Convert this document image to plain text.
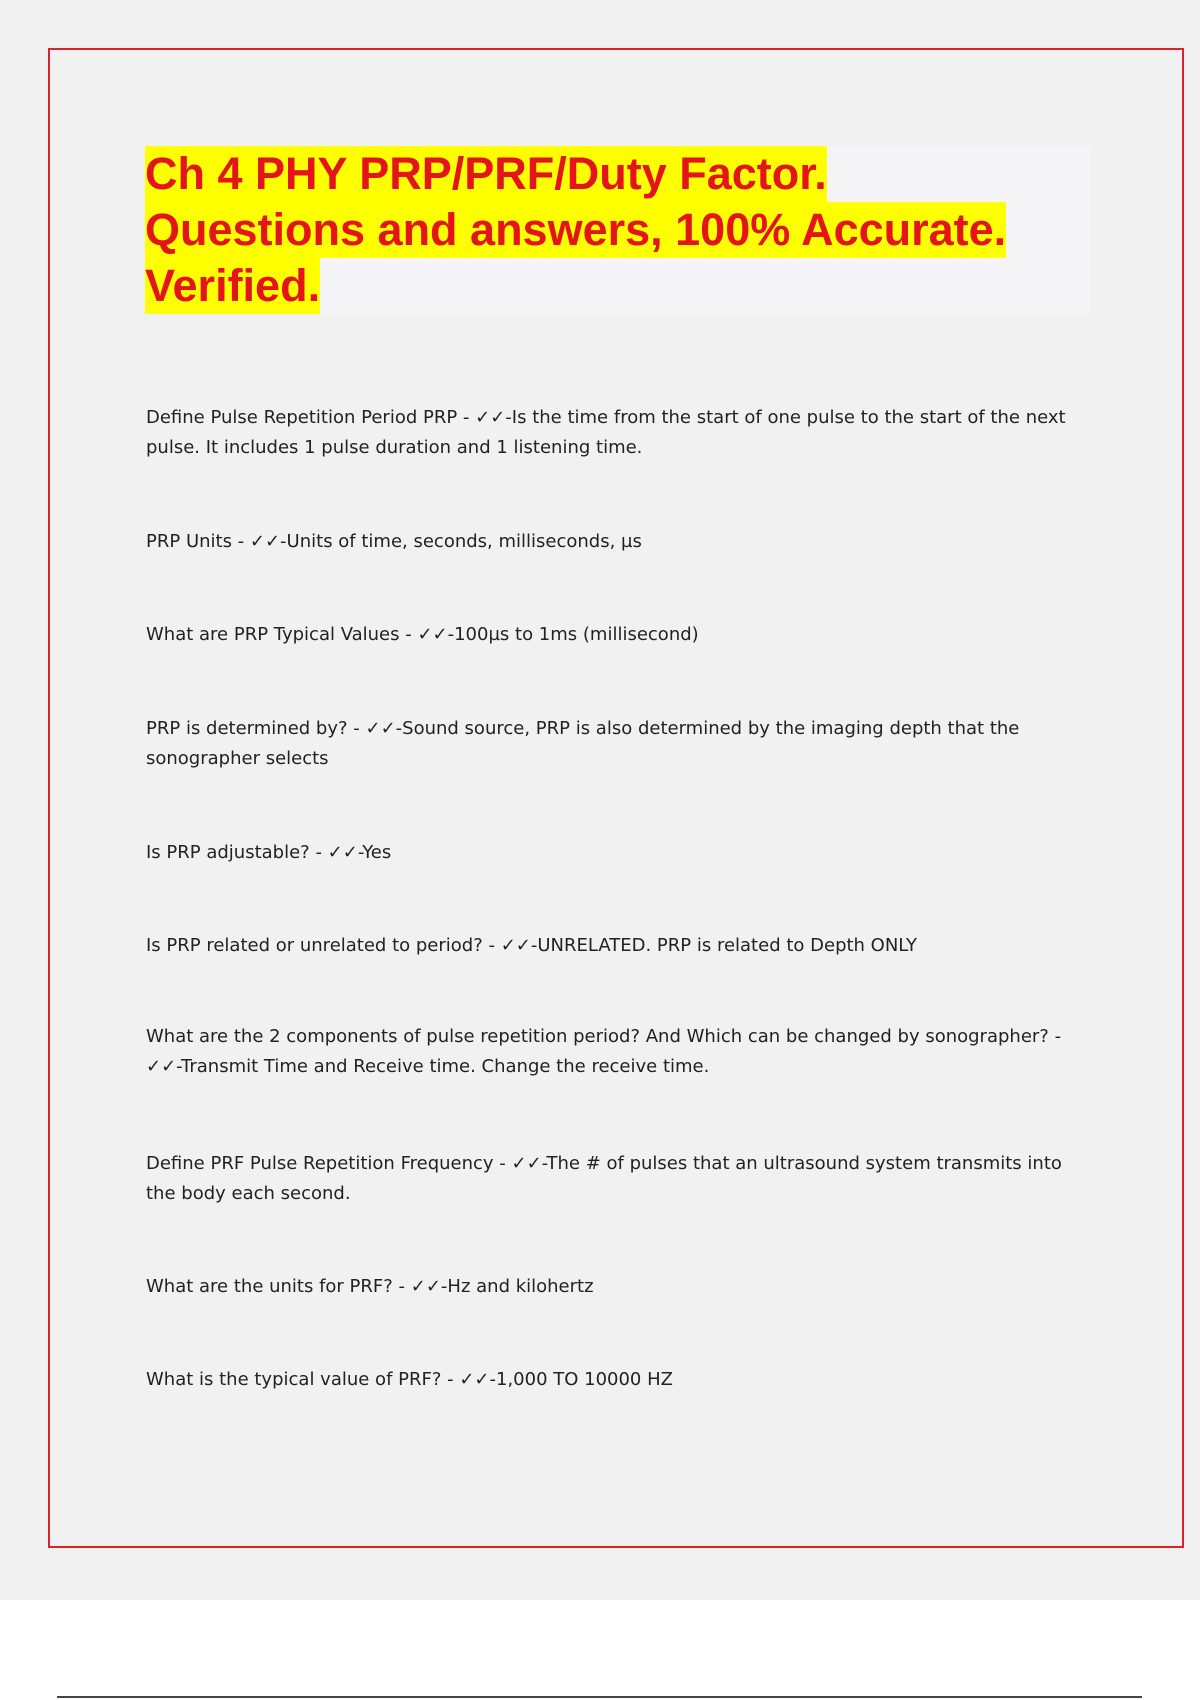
Ch 4 PHY PRP/PRF/Duty Factor.
Questions and answers, 100% Accurate.
Verified.

Define Pulse Repetition Period PRP - ✓✓-Is the time from the start of one pulse to the start of the next pulse. It includes 1 pulse duration and 1 listening time.

PRP Units - ✓✓-Units of time, seconds, milliseconds, µs

What are PRP Typical Values - ✓✓-100µs to 1ms (millisecond)

PRP is determined by? - ✓✓-Sound source, PRP is also determined by the imaging depth that the sonographer selects

Is PRP adjustable? - ✓✓-Yes

Is PRP related or unrelated to period? - ✓✓-UNRELATED. PRP is related to Depth ONLY

What are the 2 components of pulse repetition period? And Which can be changed by sonographer? - ✓✓-Transmit Time and Receive time. Change the receive time.

Define PRF Pulse Repetition Frequency - ✓✓-The # of pulses that an ultrasound system transmits into the body each second.

What are the units for PRF? - ✓✓-Hz and kilohertz

What is the typical value of PRF? - ✓✓-1,000 TO 10000 HZ
